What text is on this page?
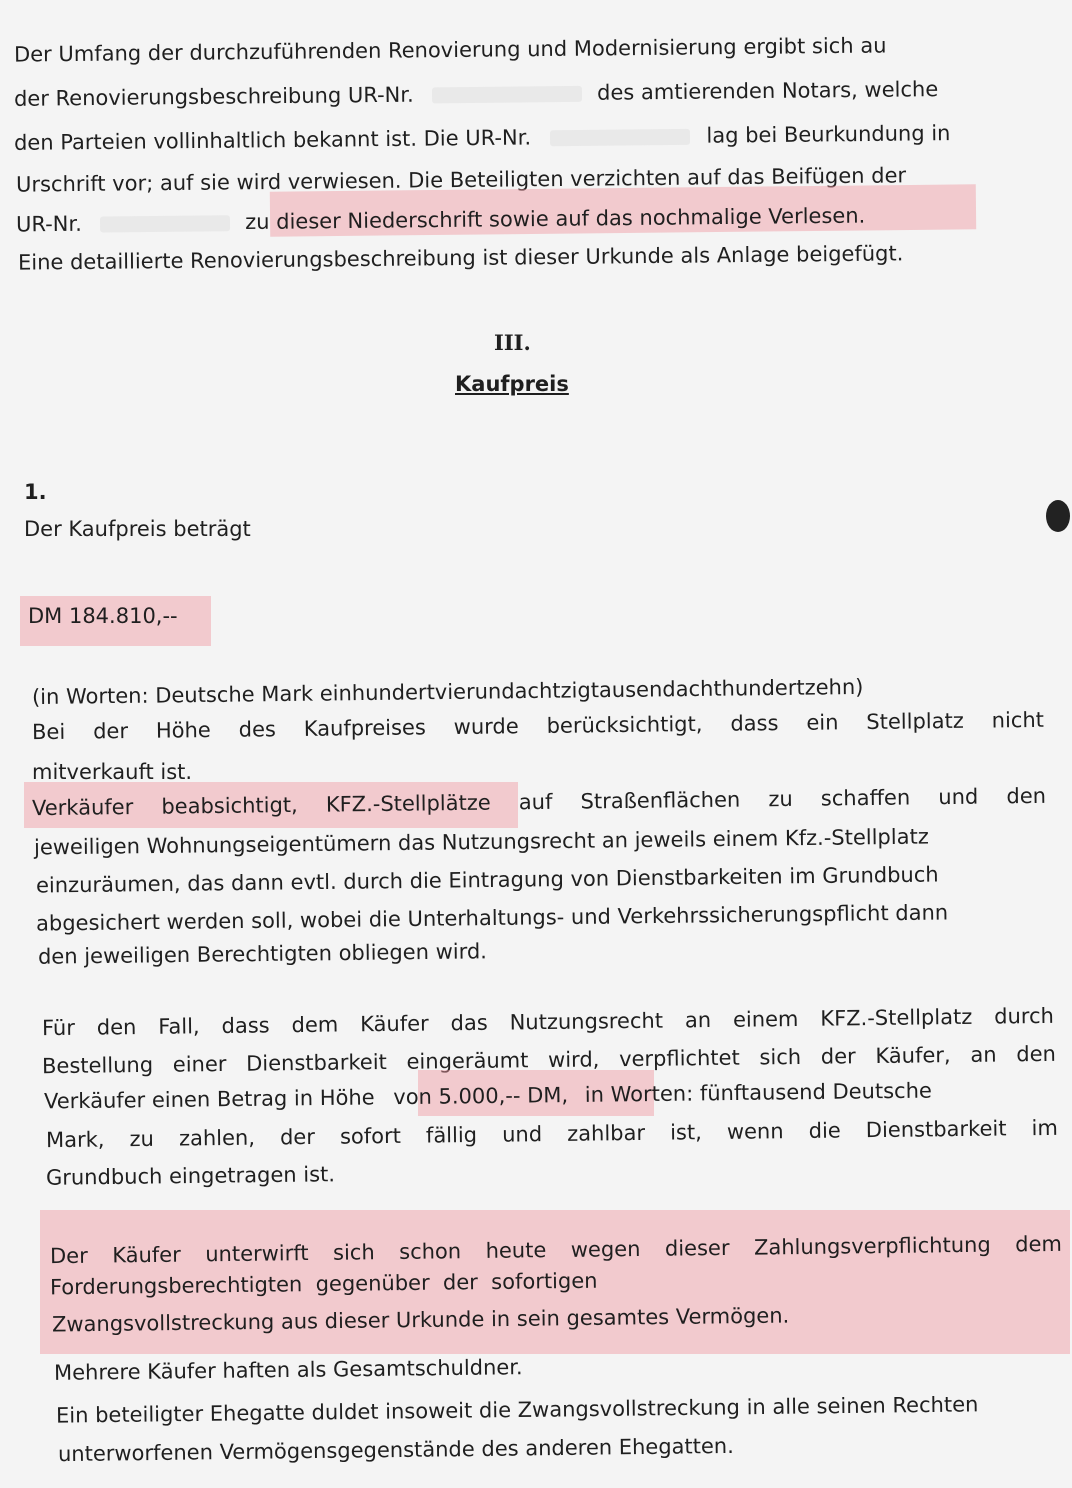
Der Umfang der durchzuführenden Renovierung und Modernisierung ergibt sich au
der Renovierungsbeschreibung UR-Nr.	des amtierenden Notars, welche
den Parteien vollinhaltlich bekannt ist. Die UR-Nr.	lag bei Beurkundung in
Urschrift vor; auf sie wird verwiesen. Die Beteiligten verzichten auf das Beifügen der
UR-Nr.	zu dieser Niederschrift sowie auf das nochmalige Verlesen.
Eine detaillierte Renovierungsbeschreibung ist dieser Urkunde als Anlage beigefügt.
III.
Kaufpreis
1.
Der Kaufpreis beträgt
DM 184.810,--
(in Worten: Deutsche Mark einhundertvierundachtzigtausendachthundertzehn)
Bei der Höhe des Kaufpreises wurde berücksichtigt, dass ein Stellplatz nicht
mitverkauft ist.
Verkäufer beabsichtigt, KFZ.-Stellplätze auf Straßenflächen zu schaffen und den
jeweiligen Wohnungseigentümern das Nutzungsrecht an jeweils einem Kfz.-Stellplatz
einzuräumen, das dann evtl. durch die Eintragung von Dienstbarkeiten im Grundbuch
abgesichert werden soll, wobei die Unterhaltungs- und Verkehrssicherungspflicht dann
den jeweiligen Berechtigten obliegen wird.
Für den Fall, dass dem Käufer das Nutzungsrecht an einem KFZ.-Stellplatz durch
Bestellung einer Dienstbarkeit eingeräumt wird, verpflichtet sich der Käufer, an den
Verkäufer einen Betrag in Höhe von 5.000,-- DM, in Worten: fünftausend Deutsche
Mark, zu zahlen, der sofort fällig und zahlbar ist, wenn die Dienstbarkeit im
Grundbuch eingetragen ist.
Der Käufer unterwirft sich schon heute wegen dieser Zahlungsverpflichtung dem
Forderungsberechtigten  gegenüber  der  sofortigen
Zwangsvollstreckung aus dieser Urkunde in sein gesamtes Vermögen.
Mehrere Käufer haften als Gesamtschuldner.
Ein beteiligter Ehegatte duldet insoweit die Zwangsvollstreckung in alle seinen Rechten
unterworfenen Vermögensgegenstände des anderen Ehegatten.
